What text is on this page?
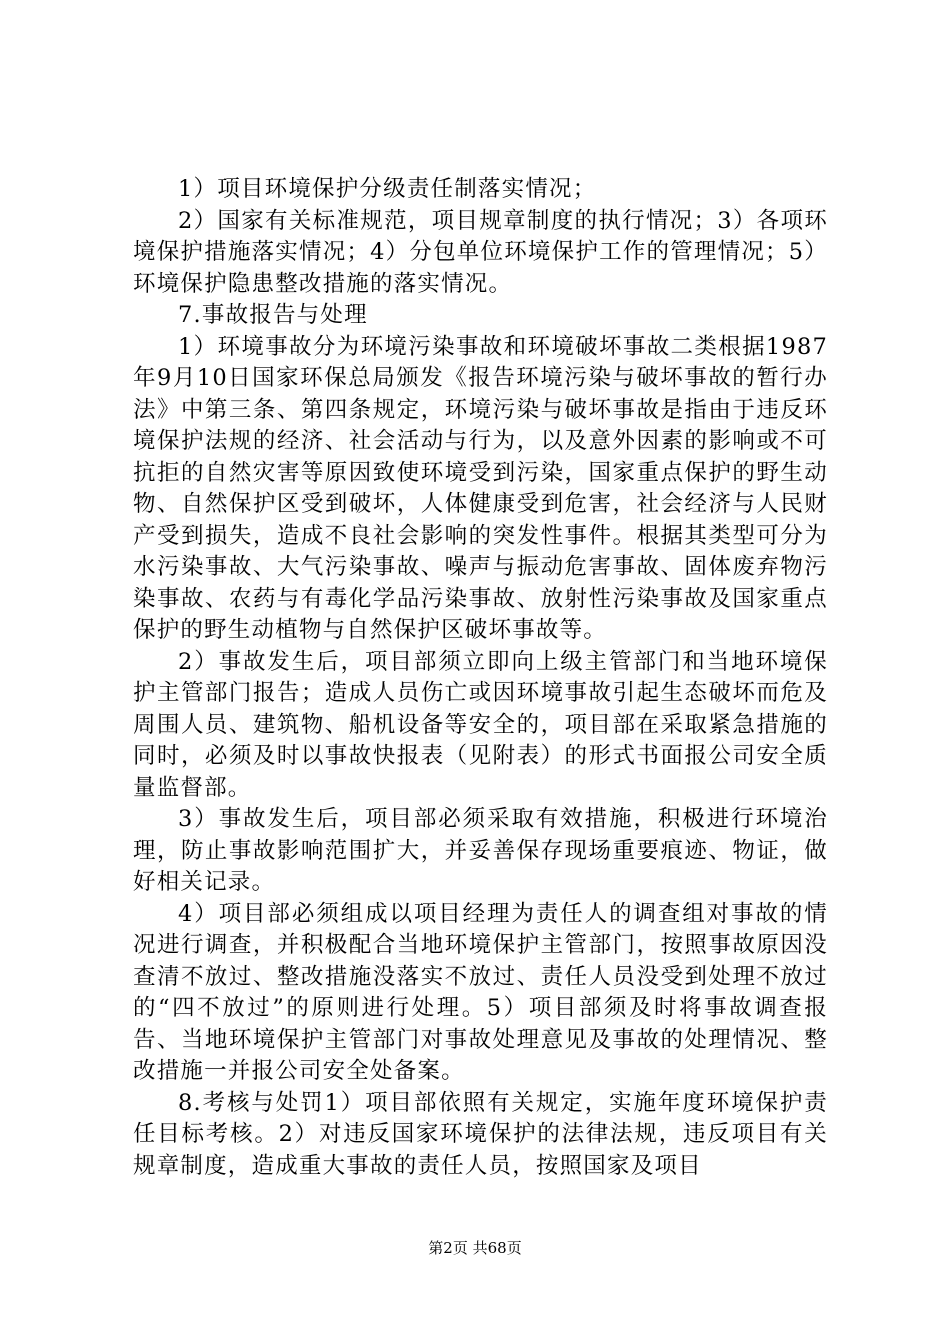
1）项目环境保护分级责任制落实情况；

2）国家有关标准规范，项目规章制度的执行情况；3）各项环境保护措施落实情况；4）分包单位环境保护工作的管理情况；5）环境保护隐患整改措施的落实情况。

7.事故报告与处理

1）环境事故分为环境污染事故和环境破坏事故二类根据1987年9月10日国家环保总局颁发《报告环境污染与破坏事故的暂行办法》中第三条、第四条规定，环境污染与破坏事故是指由于违反环境保护法规的经济、社会活动与行为，以及意外因素的影响或不可抗拒的自然灾害等原因致使环境受到污染，国家重点保护的野生动物、自然保护区受到破坏，人体健康受到危害，社会经济与人民财产受到损失，造成不良社会影响的突发性事件。根据其类型可分为水污染事故、大气污染事故、噪声与振动危害事故、固体废弃物污染事故、农药与有毒化学品污染事故、放射性污染事故及国家重点保护的野生动植物与自然保护区破坏事故等。

2）事故发生后，项目部须立即向上级主管部门和当地环境保护主管部门报告；造成人员伤亡或因环境事故引起生态破坏而危及周围人员、建筑物、船机设备等安全的，项目部在采取紧急措施的同时，必须及时以事故快报表（见附表）的形式书面报公司安全质量监督部。

3）事故发生后，项目部必须采取有效措施，积极进行环境治理，防止事故影响范围扩大，并妥善保存现场重要痕迹、物证，做好相关记录。

4）项目部必须组成以项目经理为责任人的调查组对事故的情况进行调查，并积极配合当地环境保护主管部门，按照事故原因没查清不放过、整改措施没落实不放过、责任人员没受到处理不放过的“四不放过”的原则进行处理。5）项目部须及时将事故调查报告、当地环境保护主管部门对事故处理意见及事故的处理情况、整改措施一并报公司安全处备案。

8.考核与处罚1）项目部依照有关规定，实施年度环境保护责任目标考核。2）对违反国家环境保护的法律法规，违反项目有关规章制度，造成重大事故的责任人员，按照国家及项目

第2页 共68页
